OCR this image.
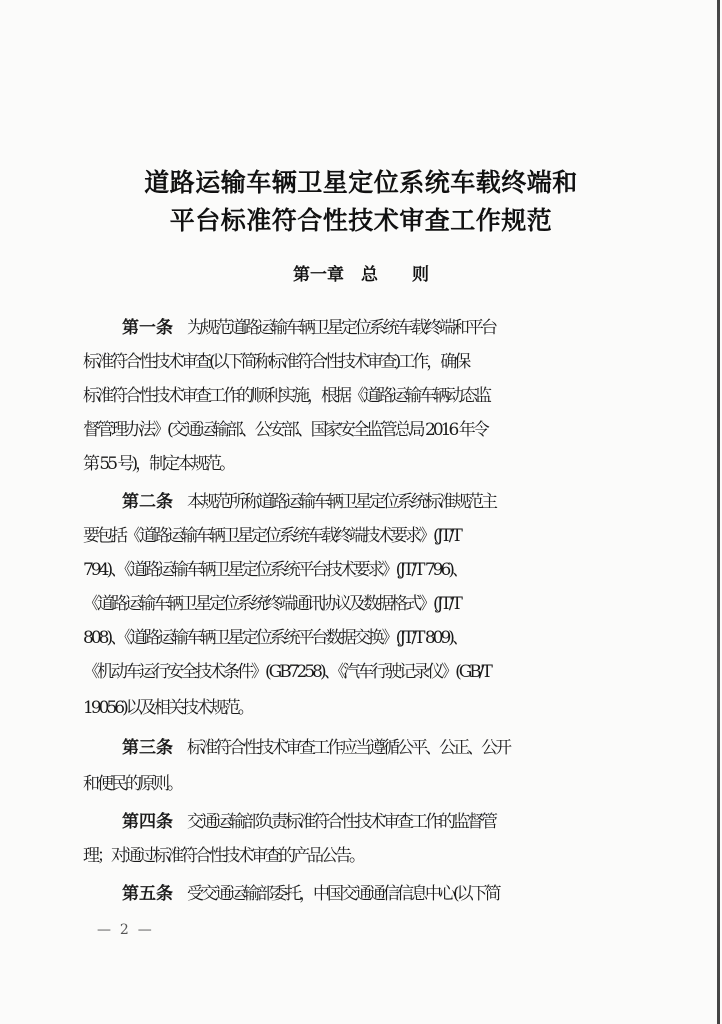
道路运输车辆卫星定位系统车载终端和
平台标准符合性技术审查工作规范
第一章　总　　则
第一条　为规范道路运输车辆卫星定位系统车载终端和平台
标准符合性技术审查(以下简称标准符合性技术审查)工作，确保
标准符合性技术审查工作的顺利实施，根据《道路运输车辆动态监
督管理办法》(交通运输部、公安部、国家安全监管总局 2016 年令
第 55 号)，制定本规范。
第二条　本规范所称道路运输车辆卫星定位系统标准规范主
要包括《道路运输车辆卫星定位系统车载终端技术要求》(JT/T
794)、《道路运输车辆卫星定位系统平台技术要求》(JT/T 796)、
《道路运输车辆卫星定位系统终端通讯协议及数据格式》(JT/T
808)、《道路运输车辆卫星定位系统平台数据交换》(JT/T 809)、
《机动车运行安全技术条件》(GB7258)、《汽车行驶记录仪》(GB/T
19056)以及相关技术规范。
第三条　标准符合性技术审查工作应当遵循公平、公正、公开
和便民的原则。
第四条　交通运输部负责标准符合性技术审查工作的监督管
理；对通过标准符合性技术审查的产品公告。
第五条　受交通运输部委托，中国交通通信信息中心(以下简
—  2  —
